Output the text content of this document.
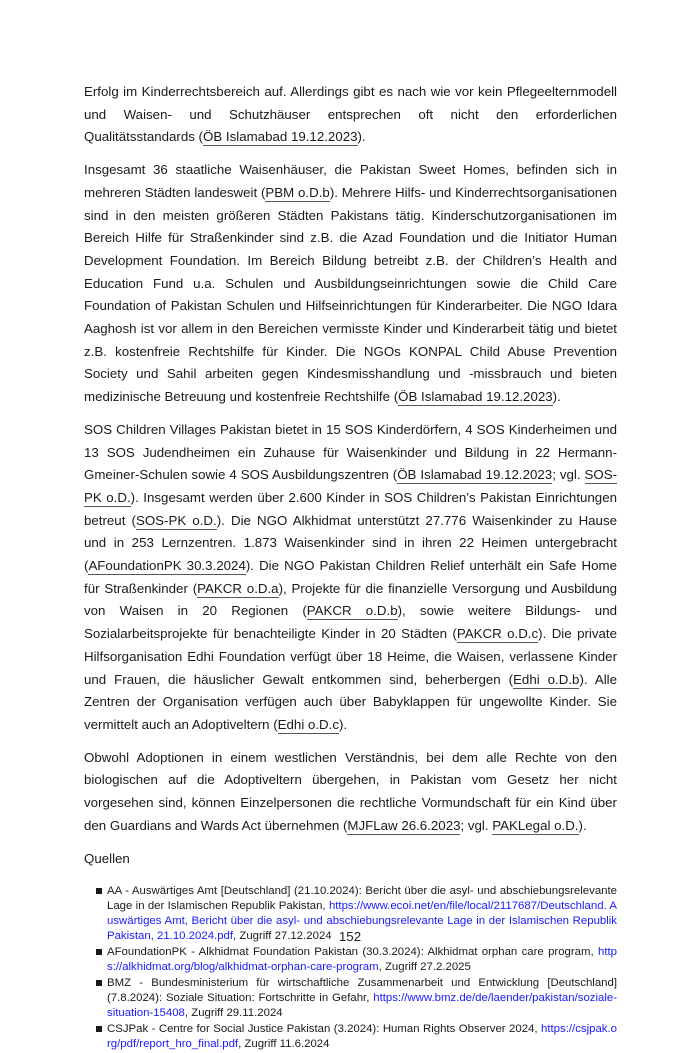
Erfolg im Kinderrechtsbereich auf. Allerdings gibt es nach wie vor kein Pflegeelternmodell und Waisen- und Schutzhäuser entsprechen oft nicht den erforderlichen Qualitätsstandards (ÖB Islamabad 19.12.2023).

Insgesamt 36 staatliche Waisenhäuser, die Pakistan Sweet Homes, befinden sich in mehreren Städten landesweit (PBM o.D.b). Mehrere Hilfs- und Kinderrechtsorganisationen sind in den meisten größeren Städten Pakistans tätig. Kinderschutzorganisationen im Bereich Hilfe für Straßenkinder sind z.B. die Azad Foundation und die Initiator Human Development Foundation. Im Bereich Bildung betreibt z.B. der Children’s Health and Education Fund u.a. Schulen und Ausbildungseinrichtungen sowie die Child Care Foundation of Pakistan Schulen und Hilfseinrichtungen für Kinderarbeiter. Die NGO Idara Aaghosh ist vor allem in den Bereichen vermisste Kinder und Kinderarbeit tätig und bietet z.B. kostenfreie Rechtshilfe für Kinder. Die NGOs KONPAL Child Abuse Prevention Society und Sahil arbeiten gegen Kindesmisshandlung und -missbrauch und bieten medizinische Betreuung und kostenfreie Rechtshilfe (ÖB Islamabad 19.12.2023).

SOS Children Villages Pakistan bietet in 15 SOS Kinderdörfern, 4 SOS Kinderheimen und 13 SOS Judendheimen ein Zuhause für Waisenkinder und Bildung in 22 Hermann-Gmeiner-Schulen sowie 4 SOS Ausbildungszentren (ÖB Islamabad 19.12.2023; vgl. SOS-PK o.D.). Insgesamt werden über 2.600 Kinder in SOS Children’s Pakistan Einrichtungen betreut (SOS-PK o.D.). Die NGO Alkhidmat unterstützt 27.776 Waisenkinder zu Hause und in 253 Lernzentren. 1.873 Waisenkinder sind in ihren 22 Heimen untergebracht (AFoundationPK 30.3.2024). Die NGO Pakistan Children Relief unterhält ein Safe Home für Straßenkinder (PAKCR o.D.a), Projekte für die finanzielle Versorgung und Ausbildung von Waisen in 20 Regionen (PAKCR o.D.b), sowie weitere Bildungs- und Sozialarbeitsprojekte für benachteiligte Kinder in 20 Städten (PAKCR o.D.c). Die private Hilfsorganisation Edhi Foundation verfügt über 18 Heime, die Waisen, verlassene Kinder und Frauen, die häuslicher Gewalt entkommen sind, beherbergen (Edhi o.D.b). Alle Zentren der Organisation verfügen auch über Babyklappen für ungewollte Kinder. Sie vermittelt auch an Adoptiveltern (Edhi o.D.c).

Obwohl Adoptionen in einem westlichen Verständnis, bei dem alle Rechte von den biologischen auf die Adoptiveltern übergehen, in Pakistan vom Gesetz her nicht vorgesehen sind, können Einzelpersonen die rechtliche Vormundschaft für ein Kind über den Guardians and Wards Act übernehmen (MJFLaw 26.6.2023; vgl. PAKLegal o.D.).

Quellen
AA - Auswärtiges Amt [Deutschland] (21.10.2024): Bericht über die asyl- und abschiebungsrelevante Lage in der Islamischen Republik Pakistan, https://www.ecoi.net/en/file/local/2117687/Deutschland. Auswärtiges Amt, Bericht über die asyl- und abschiebungsrelevante Lage in der Islamischen Republik Pakistan, 21.10.2024.pdf, Zugriff 27.12.2024
AFoundationPK - Alkhidmat Foundation Pakistan (30.3.2024): Alkhidmat orphan care program, https://alkhidmat.org/blog/alkhidmat-orphan-care-program, Zugriff 27.2.2025
BMZ - Bundesministerium für wirtschaftliche Zusammenarbeit und Entwicklung [Deutschland] (7.8.2024): Soziale Situation: Fortschritte in Gefahr, https://www.bmz.de/de/laender/pakistan/soziale-situation-15408, Zugriff 29.11.2024
CSJPak - Centre for Social Justice Pakistan (3.2024): Human Rights Observer 2024, https://csjpak.org/pdf/report_hro_final.pdf, Zugriff 11.6.2024
152
